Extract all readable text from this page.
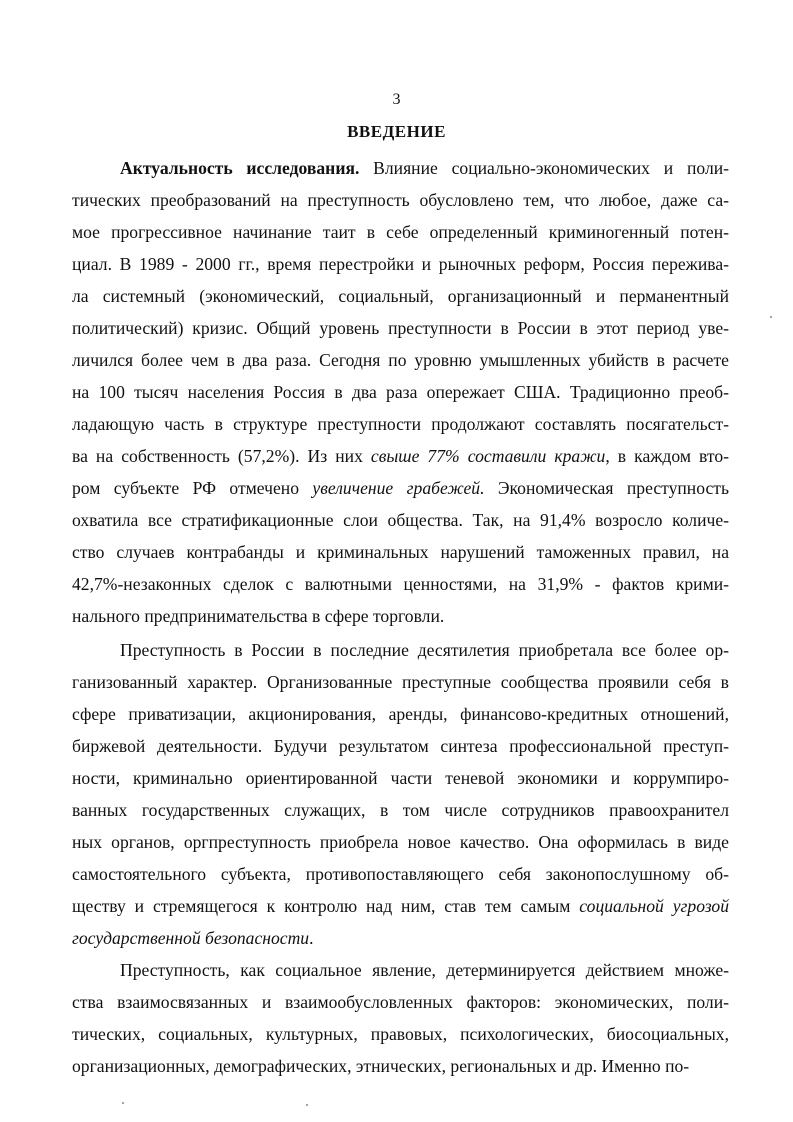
3
ВВЕДЕНИЕ
Актуальность исследования. Влияние социально-экономических и поли-
тических преобразований на преступность обусловлено тем, что любое, даже са-
мое прогрессивное начинание таит в себе определенный криминогенный потен-
циал. В 1989 - 2000 гг., время перестройки и рыночных реформ, Россия пережива-
ла системный (экономический, социальный, организационный и перманентный
политический) кризис. Общий уровень преступности в России в этот период уве-
личился более чем в два раза. Сегодня по уровню умышленных убийств в расчете
на 100 тысяч населения Россия в два раза опережает США. Традиционно преоб-
ладающую часть в структуре преступности продолжают составлять посягательст-
ва на собственность (57,2%). Из них свыше 77% составили кражи, в каждом вто-
ром субъекте РФ отмечено увеличение грабежей. Экономическая преступность
охватила все стратификационные слои общества. Так, на 91,4% возросло количе-
ство случаев контрабанды и криминальных нарушений таможенных правил, на
42,7%-незаконных сделок с валютными ценностями, на 31,9% - фактов крими-
нального предпринимательства в сфере торговли.
Преступность в России в последние десятилетия приобретала все более ор-
ганизованный характер. Организованные преступные сообщества проявили себя в
сфере приватизации, акционирования, аренды, финансово-кредитных отношений,
биржевой деятельности. Будучи результатом синтеза профессиональной преступ-
ности, криминально ориентированной части теневой экономики и коррумпиро-
ванных государственных служащих, в том числе сотрудников правоохранител
ных органов, оргпреступность приобрела новое качество. Она оформилась в виде
самостоятельного субъекта, противопоставляющего себя законопослушному об-
ществу и стремящегося к контролю над ним, став тем самым социальной угрозой
государственной безопасности.
Преступность, как социальное явление, детерминируется действием множе-
ства взаимосвязанных и взаимообусловленных факторов: экономических, поли-
тических, социальных, культурных, правовых, психологических, биосоциальных,
организационных, демографических, этнических, региональных и др. Именно по-
